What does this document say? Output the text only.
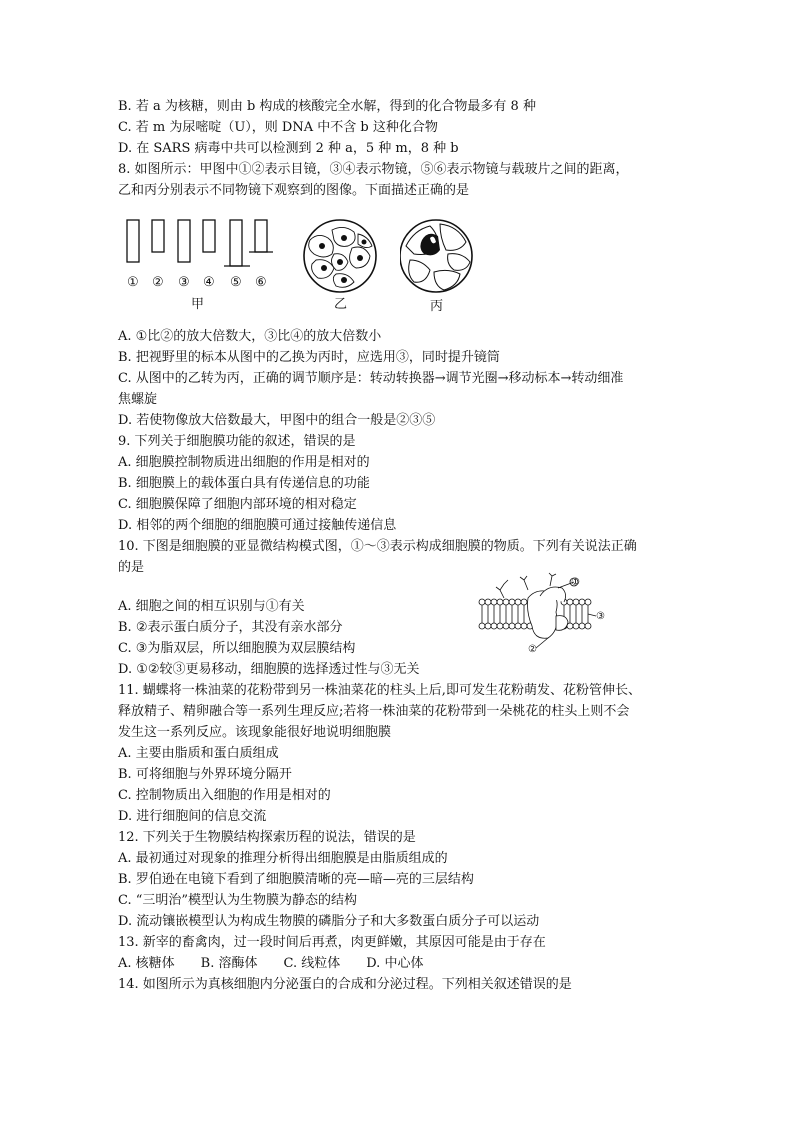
B. 若 a 为核糖，则由 b 构成的核酸完全水解，得到的化合物最多有 8 种
C. 若 m 为尿嘧啶（U），则 DNA 中不含 b 这种化合物
D. 在 SARS 病毒中共可以检测到 2 种 a，5 种 m，8 种 b
8. 如图所示：甲图中①②表示目镜，③④表示物镜，⑤⑥表示物镜与载玻片之间的距离，
乙和丙分别表示不同物镜下观察到的图像。下面描述正确的是
① ② ③ ④ ⑤ ⑥
甲	乙	丙
A. ①比②的放大倍数大，③比④的放大倍数小
B. 把视野里的标本从图中的乙换为丙时，应选用③，同时提升镜筒
C. 从图中的乙转为丙，正确的调节顺序是：转动转换器→调节光圈→移动标本→转动细准
焦螺旋
D. 若使物像放大倍数最大，甲图中的组合一般是②③⑤
9. 下列关于细胞膜功能的叙述，错误的是
A. 细胞膜控制物质进出细胞的作用是相对的
B. 细胞膜上的载体蛋白具有传递信息的功能
C. 细胞膜保障了细胞内部环境的相对稳定
D. 相邻的两个细胞的细胞膜可通过接触传递信息
10. 下图是细胞膜的亚显微结构模式图，①～③表示构成细胞膜的物质。下列有关说法正确
的是
①
③
②
A. 细胞之间的相互识别与①有关
B. ②表示蛋白质分子，其没有亲水部分
C. ③为脂双层，所以细胞膜为双层膜结构
D. ①②较③更易移动，细胞膜的选择透过性与③无关
11. 蝴蝶将一株油菜的花粉带到另一株油菜花的柱头上后,即可发生花粉萌发、花粉管伸长、
释放精子、精卵融合等一系列生理反应;若将一株油菜的花粉带到一朵桃花的柱头上则不会
发生这一系列反应。该现象能很好地说明细胞膜
A. 主要由脂质和蛋白质组成
B. 可将细胞与外界环境分隔开
C. 控制物质出入细胞的作用是相对的
D. 进行细胞间的信息交流
12. 下列关于生物膜结构探索历程的说法，错误的是
A. 最初通过对现象的推理分析得出细胞膜是由脂质组成的
B. 罗伯逊在电镜下看到了细胞膜清晰的亮—暗—亮的三层结构
C. “三明治”模型认为生物膜为静态的结构
D. 流动镶嵌模型认为构成生物膜的磷脂分子和大多数蛋白质分子可以运动
13. 新宰的畜禽肉，过一段时间后再煮，肉更鲜嫩，其原因可能是由于存在
A. 核糖体　　B. 溶酶体　　C. 线粒体　　D. 中心体
14. 如图所示为真核细胞内分泌蛋白的合成和分泌过程。下列相关叙述错误的是
